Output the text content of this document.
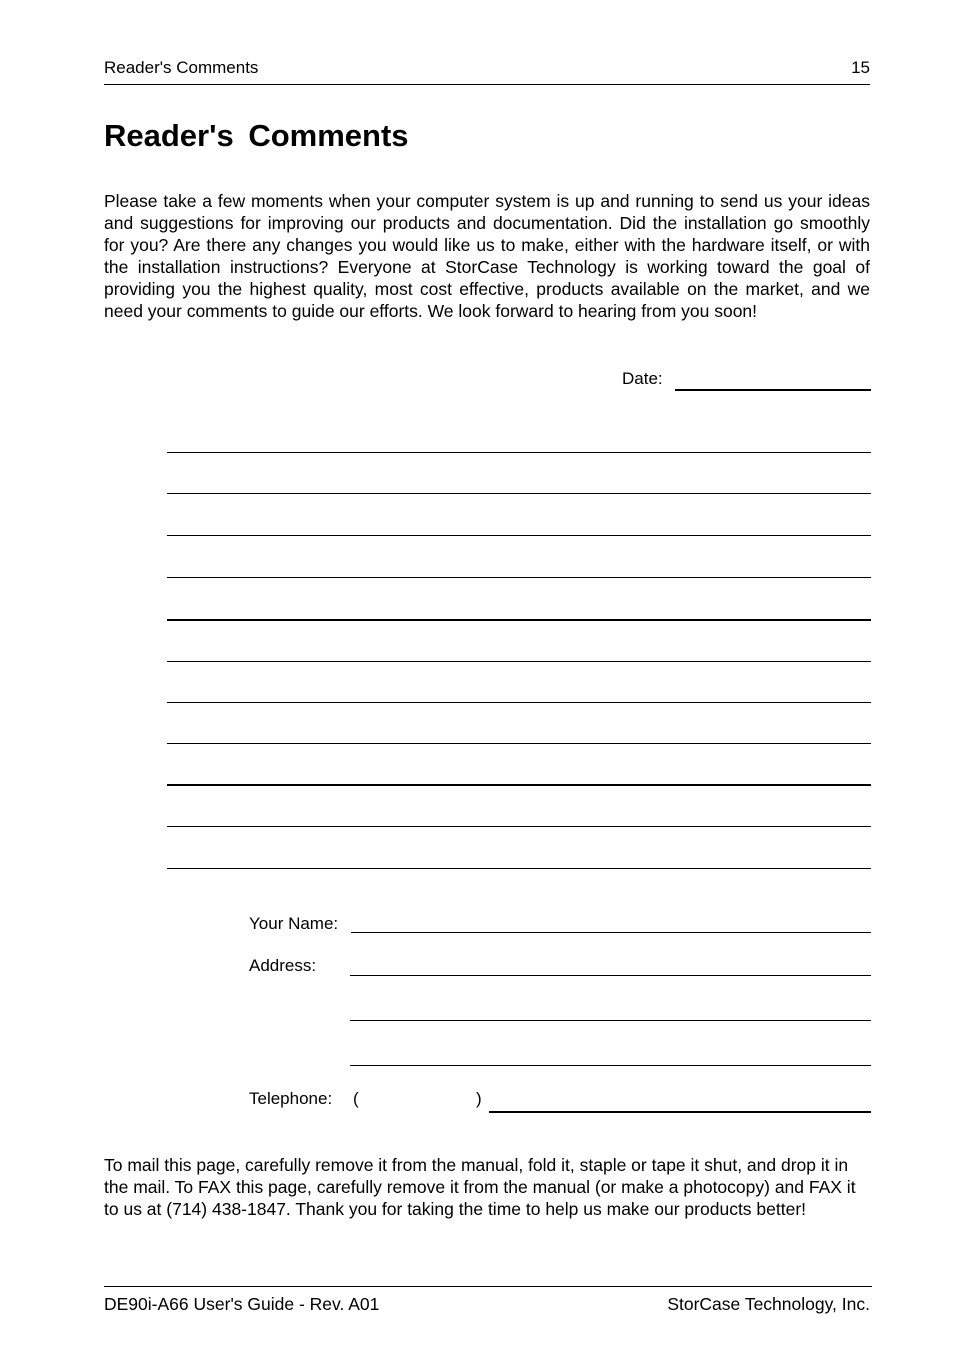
Reader's Comments	15
Reader's Comments
Please take a few moments when your computer system is up and running to send us your ideas and suggestions for improving our products and documentation. Did the installation go smoothly for you? Are there any changes you would like us to make, either with the hardware itself, or with the installation instructions? Everyone at StorCase Technology is working toward the goal of providing you the highest quality, most cost effective, products available on the market, and we need your comments to guide our efforts. We look forward to hearing from you soon!
Date:
Your Name:
Address:
Telephone: (	)
To mail this page, carefully remove it from the manual, fold it, staple or tape it shut, and drop it in the mail. To FAX this page, carefully remove it from the manual (or make a photocopy) and FAX it to us at (714) 438-1847. Thank you for taking the time to help us make our products better!
DE90i-A66 User's Guide - Rev. A01	StorCase Technology, Inc.
